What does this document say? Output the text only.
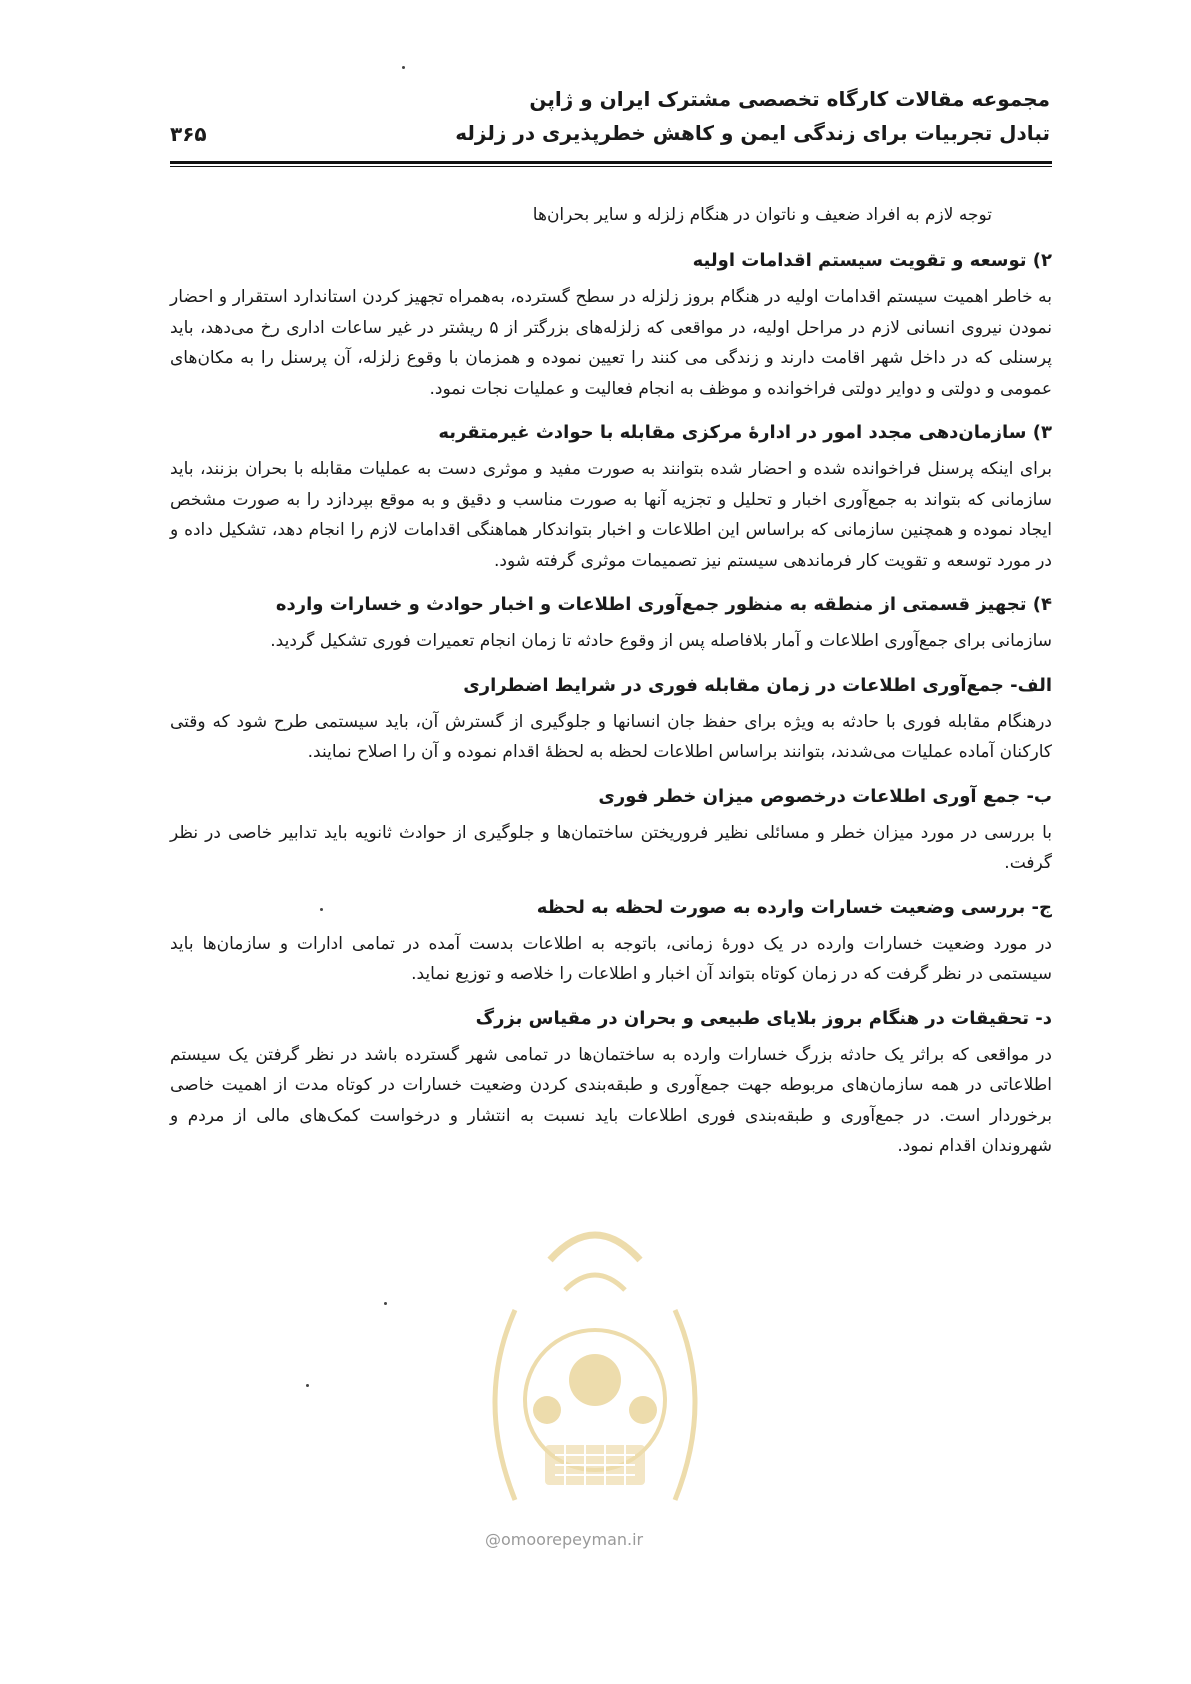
مجموعه مقالات کارگاه تخصصی مشترک ایران و ژاپن

تبادل تجربیات برای زندگی ایمن و کاهش خطرپذیری در زلزله

۳۶۵

توجه لازم به افراد ضعیف و ناتوان در هنگام زلزله و سایر بحران‌ها

۲) توسعه و تقویت سیستم اقدامات اولیه

به خاطر اهمیت سیستم اقدامات اولیه در هنگام بروز زلزله در سطح گسترده، به‌همراه تجهیز کردن استاندارد استقرار و احضار نمودن نیروی انسانی لازم در مراحل اولیه، در مواقعی که زلزله‌های بزرگتر از ۵ ریشتر در غیر ساعات اداری رخ می‌دهد، باید پرسنلی که در داخل شهر اقامت دارند و زندگی می کنند را تعیین نموده و همزمان با وقوع زلزله، آن پرسنل را به مکان‌های عمومی و دولتی و دوایر دولتی فراخوانده و موظف به انجام فعالیت و عملیات نجات نمود.

۳) سازمان‌دهی مجدد امور در ادارهٔ مرکزی مقابله با حوادث غیرمتقربه

برای اینکه پرسنل فراخوانده شده و احضار شده بتوانند به صورت مفید و موثری دست به عملیات مقابله با بحران بزنند، باید سازمانی که بتواند به جمع‌آوری اخبار و تحلیل و تجزیه آنها به صورت مناسب و دقیق و به موقع بپردازد را به صورت مشخص ایجاد نموده و همچنین سازمانی که براساس این اطلاعات و اخبار بتواندکار هماهنگی اقدامات لازم را انجام دهد، تشکیل داده و در مورد توسعه و تقویت کار فرماندهی سیستم نیز تصمیمات موثری گرفته شود.

۴) تجهیز قسمتی از منطقه به منظور جمع‌آوری اطلاعات و اخبار حوادث و خسارات وارده

سازمانی برای جمع‌آوری اطلاعات و آمار بلافاصله پس از وقوع حادثه تا زمان انجام تعمیرات فوری تشکیل گردید.

الف- جمع‌آوری اطلاعات در زمان مقابله فوری در شرایط اضطراری

درهنگام مقابله فوری با حادثه به ویژه برای حفظ جان انسانها و جلوگیری از گسترش آن، باید سیستمی طرح شود که وقتی کارکنان آماده عملیات می‌شدند، بتوانند براساس اطلاعات لحظه به لحظهٔ اقدام نموده و آن را اصلاح نمایند.

ب- جمع آوری اطلاعات درخصوص میزان خطر فوری

با بررسی در مورد میزان خطر و مسائلی نظیر فروریختن ساختمان‌ها و جلوگیری از حوادث ثانویه باید تدابیر خاصی در نظر گرفت.

ج- بررسی وضعیت خسارات وارده به صورت لحظه به لحظه

در مورد وضعیت خسارات وارده در یک دورهٔ زمانی، باتوجه به اطلاعات بدست آمده در تمامی ادارات و سازمان‌ها باید سیستمی در نظر گرفت که در زمان کوتاه بتواند آن اخبار و اطلاعات را خلاصه و توزیع نماید.

د- تحقیقات در هنگام بروز بلایای طبیعی و بحران در مقیاس بزرگ

در مواقعی که براثر یک حادثه بزرگ خسارات وارده به ساختمان‌ها در تمامی شهر گسترده باشد در نظر گرفتن یک سیستم اطلاعاتی در همه سازمان‌های مربوطه جهت جمع‌آوری و طبقه‌بندی کردن وضعیت خسارات در کوتاه مدت از اهمیت خاصی برخوردار است. در جمع‌آوری و طبقه‌بندی فوری اطلاعات باید نسبت به انتشار و درخواست کمک‌های مالی از مردم و شهروندان اقدام نمود.

@omoorepeyman.ir
